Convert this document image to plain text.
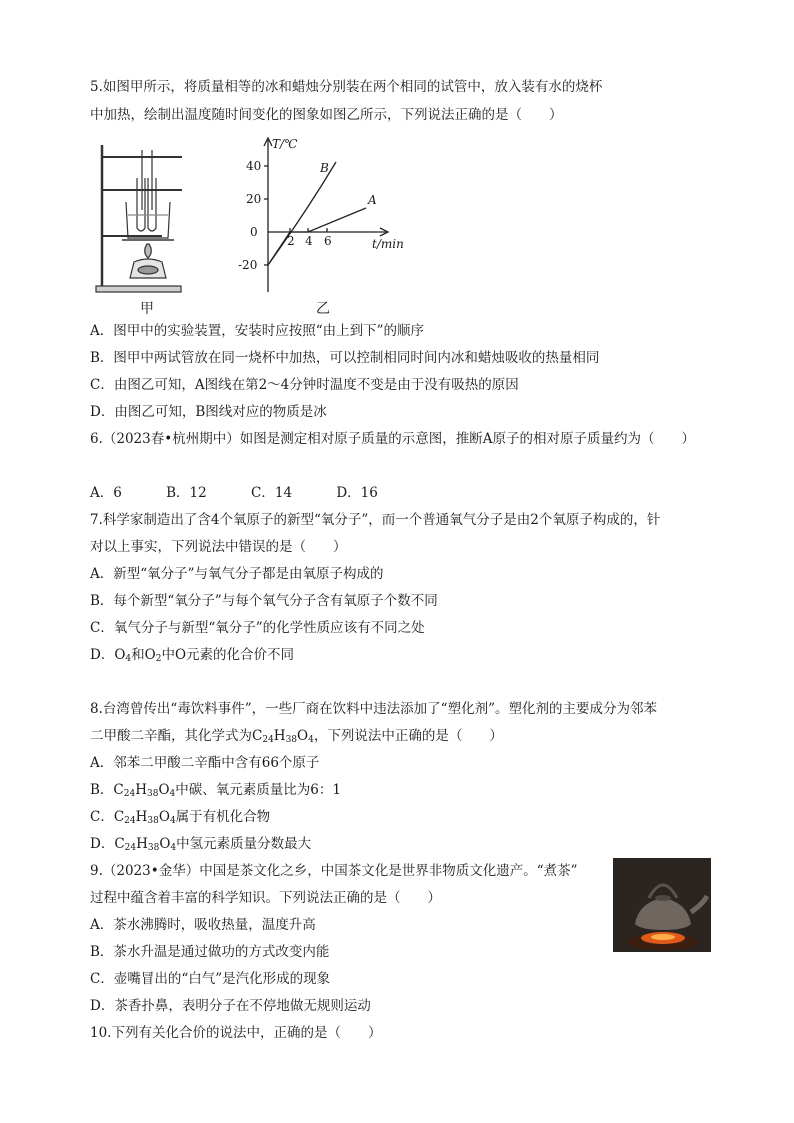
5.如图甲所示，将质量相等的冰和蜡烛分别装在两个相同的试管中，放入装有水的烧杯
中加热，绘制出温度随时间变化的图象如图乙所示，下列说法正确的是（　　）
甲
T/℃
t/min
40
20
0
-20
2 4 6
B
A
乙
A．图甲中的实验装置，安装时应按照“由上到下”的顺序
B．图甲中两试管放在同一烧杯中加热，可以控制相同时间内冰和蜡烛吸收的热量相同
C．由图乙可知，A图线在第2～4分钟时温度不变是由于没有吸热的原因
D．由图乙可知，B图线对应的物质是冰
6.（2023春•杭州期中）如图是测定相对原子质量的示意图，推断A原子的相对原子质量约为（　　）
A．6	B．12	C．14	D．16
7.科学家制造出了含4个氧原子的新型“氧分子”，而一个普通氧气分子是由2个氧原子构成的，针
对以上事实，下列说法中错误的是（　　）
A．新型“氧分子”与氧气分子都是由氧原子构成的
B．每个新型“氧分子”与每个氧气分子含有氧原子个数不同
C．氧气分子与新型“氧分子”的化学性质应该有不同之处
D．$O_4$和$O_2$中O元素的化合价不同
8.台湾曾传出“毒饮料事件”，一些厂商在饮料中违法添加了“塑化剂”。塑化剂的主要成分为邻苯
二甲酸二辛酯，其化学式为$C_{24}H_{38}O_4$，下列说法中正确的是（　　）
A．邻苯二甲酸二辛酯中含有66个原子
B．$C_{24}H_{38}O_4$中碳、氧元素质量比为6：1
C．$C_{24}H_{38}O_4$属于有机化合物
D．$C_{24}H_{38}O_4$中氢元素质量分数最大
9.（2023•金华）中国是茶文化之乡，中国茶文化是世界非物质文化遗产。“煮茶”
过程中蕴含着丰富的科学知识。下列说法正确的是（　　）
A．茶水沸腾时，吸收热量，温度升高
B．茶水升温是通过做功的方式改变内能
C．壶嘴冒出的“白气”是汽化形成的现象
D．茶香扑鼻，表明分子在不停地做无规则运动
10.下列有关化合价的说法中，正确的是（　　）
